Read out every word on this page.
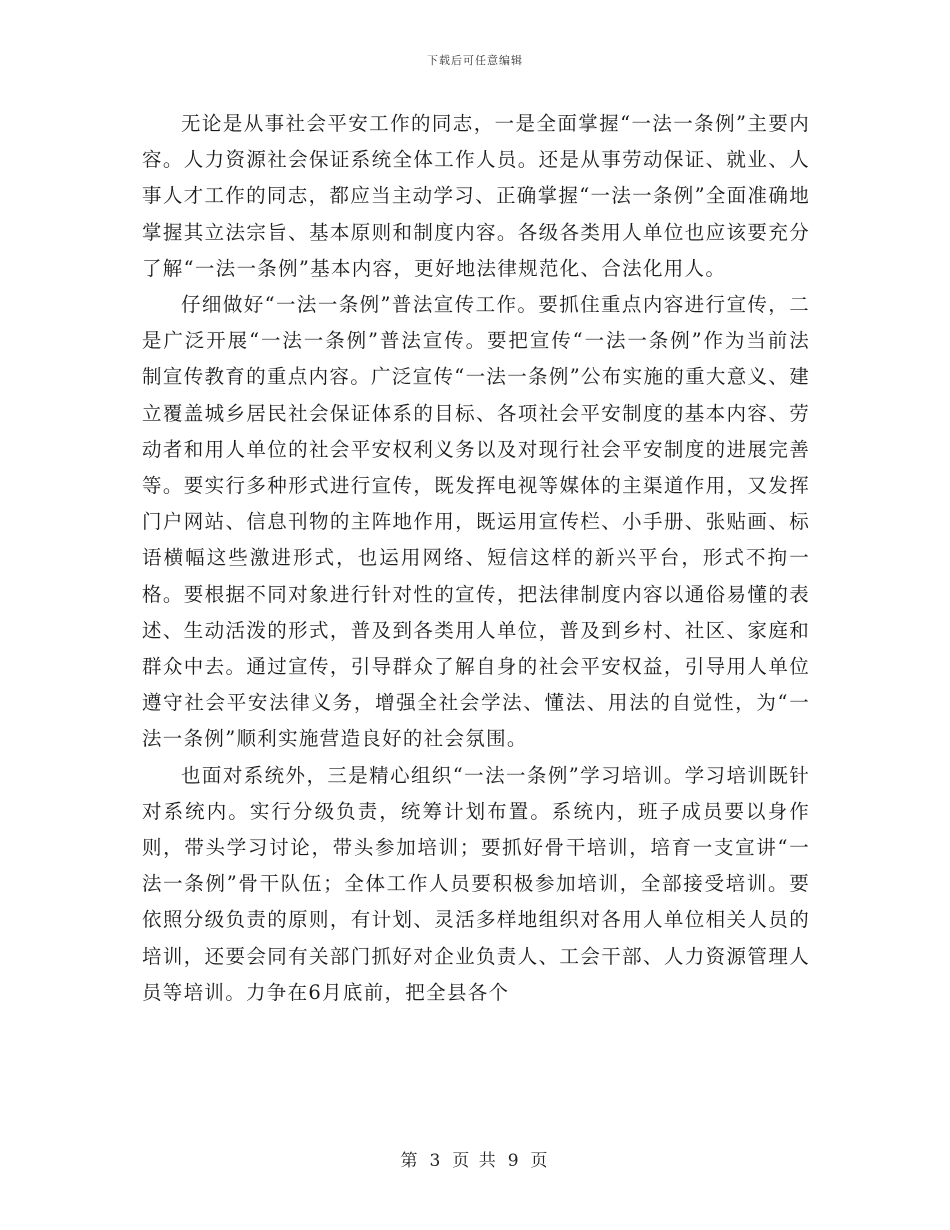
下载后可任意编辑

无论是从事社会平安工作的同志，一是全面掌握“一法一条例”主要内容。人力资源社会保证系统全体工作人员。还是从事劳动保证、就业、人事人才工作的同志，都应当主动学习、正确掌握“一法一条例”全面准确地掌握其立法宗旨、基本原则和制度内容。各级各类用人单位也应该要充分了解“一法一条例”基本内容，更好地法律规范化、合法化用人。

仔细做好“一法一条例”普法宣传工作。要抓住重点内容进行宣传，二是广泛开展“一法一条例”普法宣传。要把宣传“一法一条例”作为当前法制宣传教育的重点内容。广泛宣传“一法一条例”公布实施的重大意义、建立覆盖城乡居民社会保证体系的目标、各项社会平安制度的基本内容、劳动者和用人单位的社会平安权利义务以及对现行社会平安制度的进展完善等。要实行多种形式进行宣传，既发挥电视等媒体的主渠道作用，又发挥门户网站、信息刊物的主阵地作用，既运用宣传栏、小手册、张贴画、标语横幅这些激进形式，也运用网络、短信这样的新兴平台，形式不拘一格。要根据不同对象进行针对性的宣传，把法律制度内容以通俗易懂的表述、生动活泼的形式，普及到各类用人单位，普及到乡村、社区、家庭和群众中去。通过宣传，引导群众了解自身的社会平安权益，引导用人单位遵守社会平安法律义务，增强全社会学法、懂法、用法的自觉性，为“一法一条例”顺利实施营造良好的社会氛围。

也面对系统外，三是精心组织“一法一条例”学习培训。学习培训既针对系统内。实行分级负责，统筹计划布置。系统内，班子成员要以身作则，带头学习讨论，带头参加培训；要抓好骨干培训，培育一支宣讲“一法一条例”骨干队伍；全体工作人员要积极参加培训，全部接受培训。要依照分级负责的原则，有计划、灵活多样地组织对各用人单位相关人员的培训，还要会同有关部门抓好对企业负责人、工会干部、人力资源管理人员等培训。力争在6月底前，把全县各个

第 3 页 共 9 页
